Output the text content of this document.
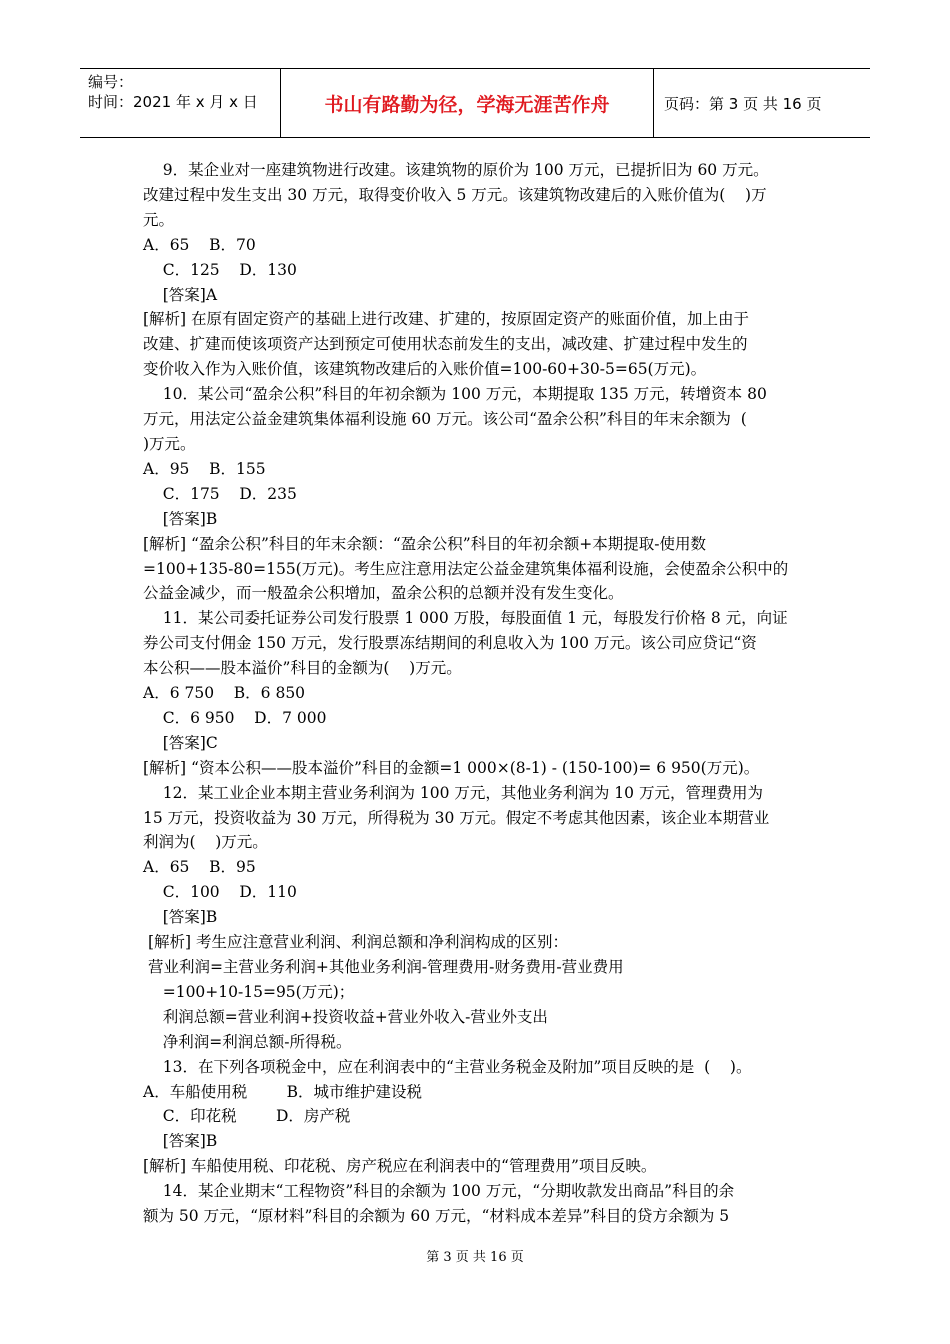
编号：
时间：2021 年 x 月 x 日	书山有路勤为径，学海无涯苦作舟	页码：第 3 页 共 16 页

9．某企业对一座建筑物进行改建。该建筑物的原价为 100 万元，已提折旧为 60 万元。

改建过程中发生支出 30 万元，取得变价收入 5 万元。该建筑物改建后的入账价值为(    )万

元。

A．65    B．70

C．125    D．130

[答案]A

[解析] 在原有固定资产的基础上进行改建、扩建的，按原固定资产的账面价值，加上由于

改建、扩建而使该项资产达到预定可使用状态前发生的支出，减改建、扩建过程中发生的

变价收入作为入账价值，该建筑物改建后的入账价值=100-60+30-5=65(万元)。

10．某公司“盈余公积”科目的年初余额为 100 万元，本期提取 135 万元，转增资本 80

万元，用法定公益金建筑集体福利设施 60 万元。该公司“盈余公积”科目的年末余额为  (

)万元。

A．95    B．155

C．175    D．235

[答案]B

[解析] “盈余公积”科目的年末余额：“盈余公积”科目的年初余额+本期提取-使用数

=100+135-80=155(万元)。考生应注意用法定公益金建筑集体福利设施，会使盈余公积中的

公益金减少，而一般盈余公积增加，盈余公积的总额并没有发生变化。

11．某公司委托证券公司发行股票 1 000 万股，每股面值 1 元，每股发行价格 8 元，向证

券公司支付佣金 150 万元，发行股票冻结期间的利息收入为 100 万元。该公司应贷记“资

本公积——股本溢价”科目的金额为(    )万元。

A．6 750    B．6 850

C．6 950    D．7 000

[答案]C

[解析] “资本公积——股本溢价”科目的金额=1 000×(8-1) - (150-100)= 6 950(万元)。

12．某工业企业本期主营业务利润为 100 万元，其他业务利润为 10 万元，管理费用为

15 万元，投资收益为 30 万元，所得税为 30 万元。假定不考虑其他因素，该企业本期营业

利润为(    )万元。

A．65    B．95

C．100    D．110

[答案]B

[解析] 考生应注意营业利润、利润总额和净利润构成的区别：

营业利润=主营业务利润+其他业务利润-管理费用-财务费用-营业费用

=100+10-15=95(万元)；

利润总额=营业利润+投资收益+营业外收入-营业外支出

净利润=利润总额-所得税。

13．在下列各项税金中，应在利润表中的“主营业务税金及附加”项目反映的是  (    )。

A．车船使用税        B．城市维护建设税

C．印花税        D．房产税

[答案]B

[解析] 车船使用税、印花税、房产税应在利润表中的“管理费用”项目反映。

14．某企业期末“工程物资”科目的余额为 100 万元，“分期收款发出商品”科目的余

额为 50 万元，“原材料”科目的余额为 60 万元，“材料成本差异”科目的贷方余额为 5

第 3 页 共 16 页
